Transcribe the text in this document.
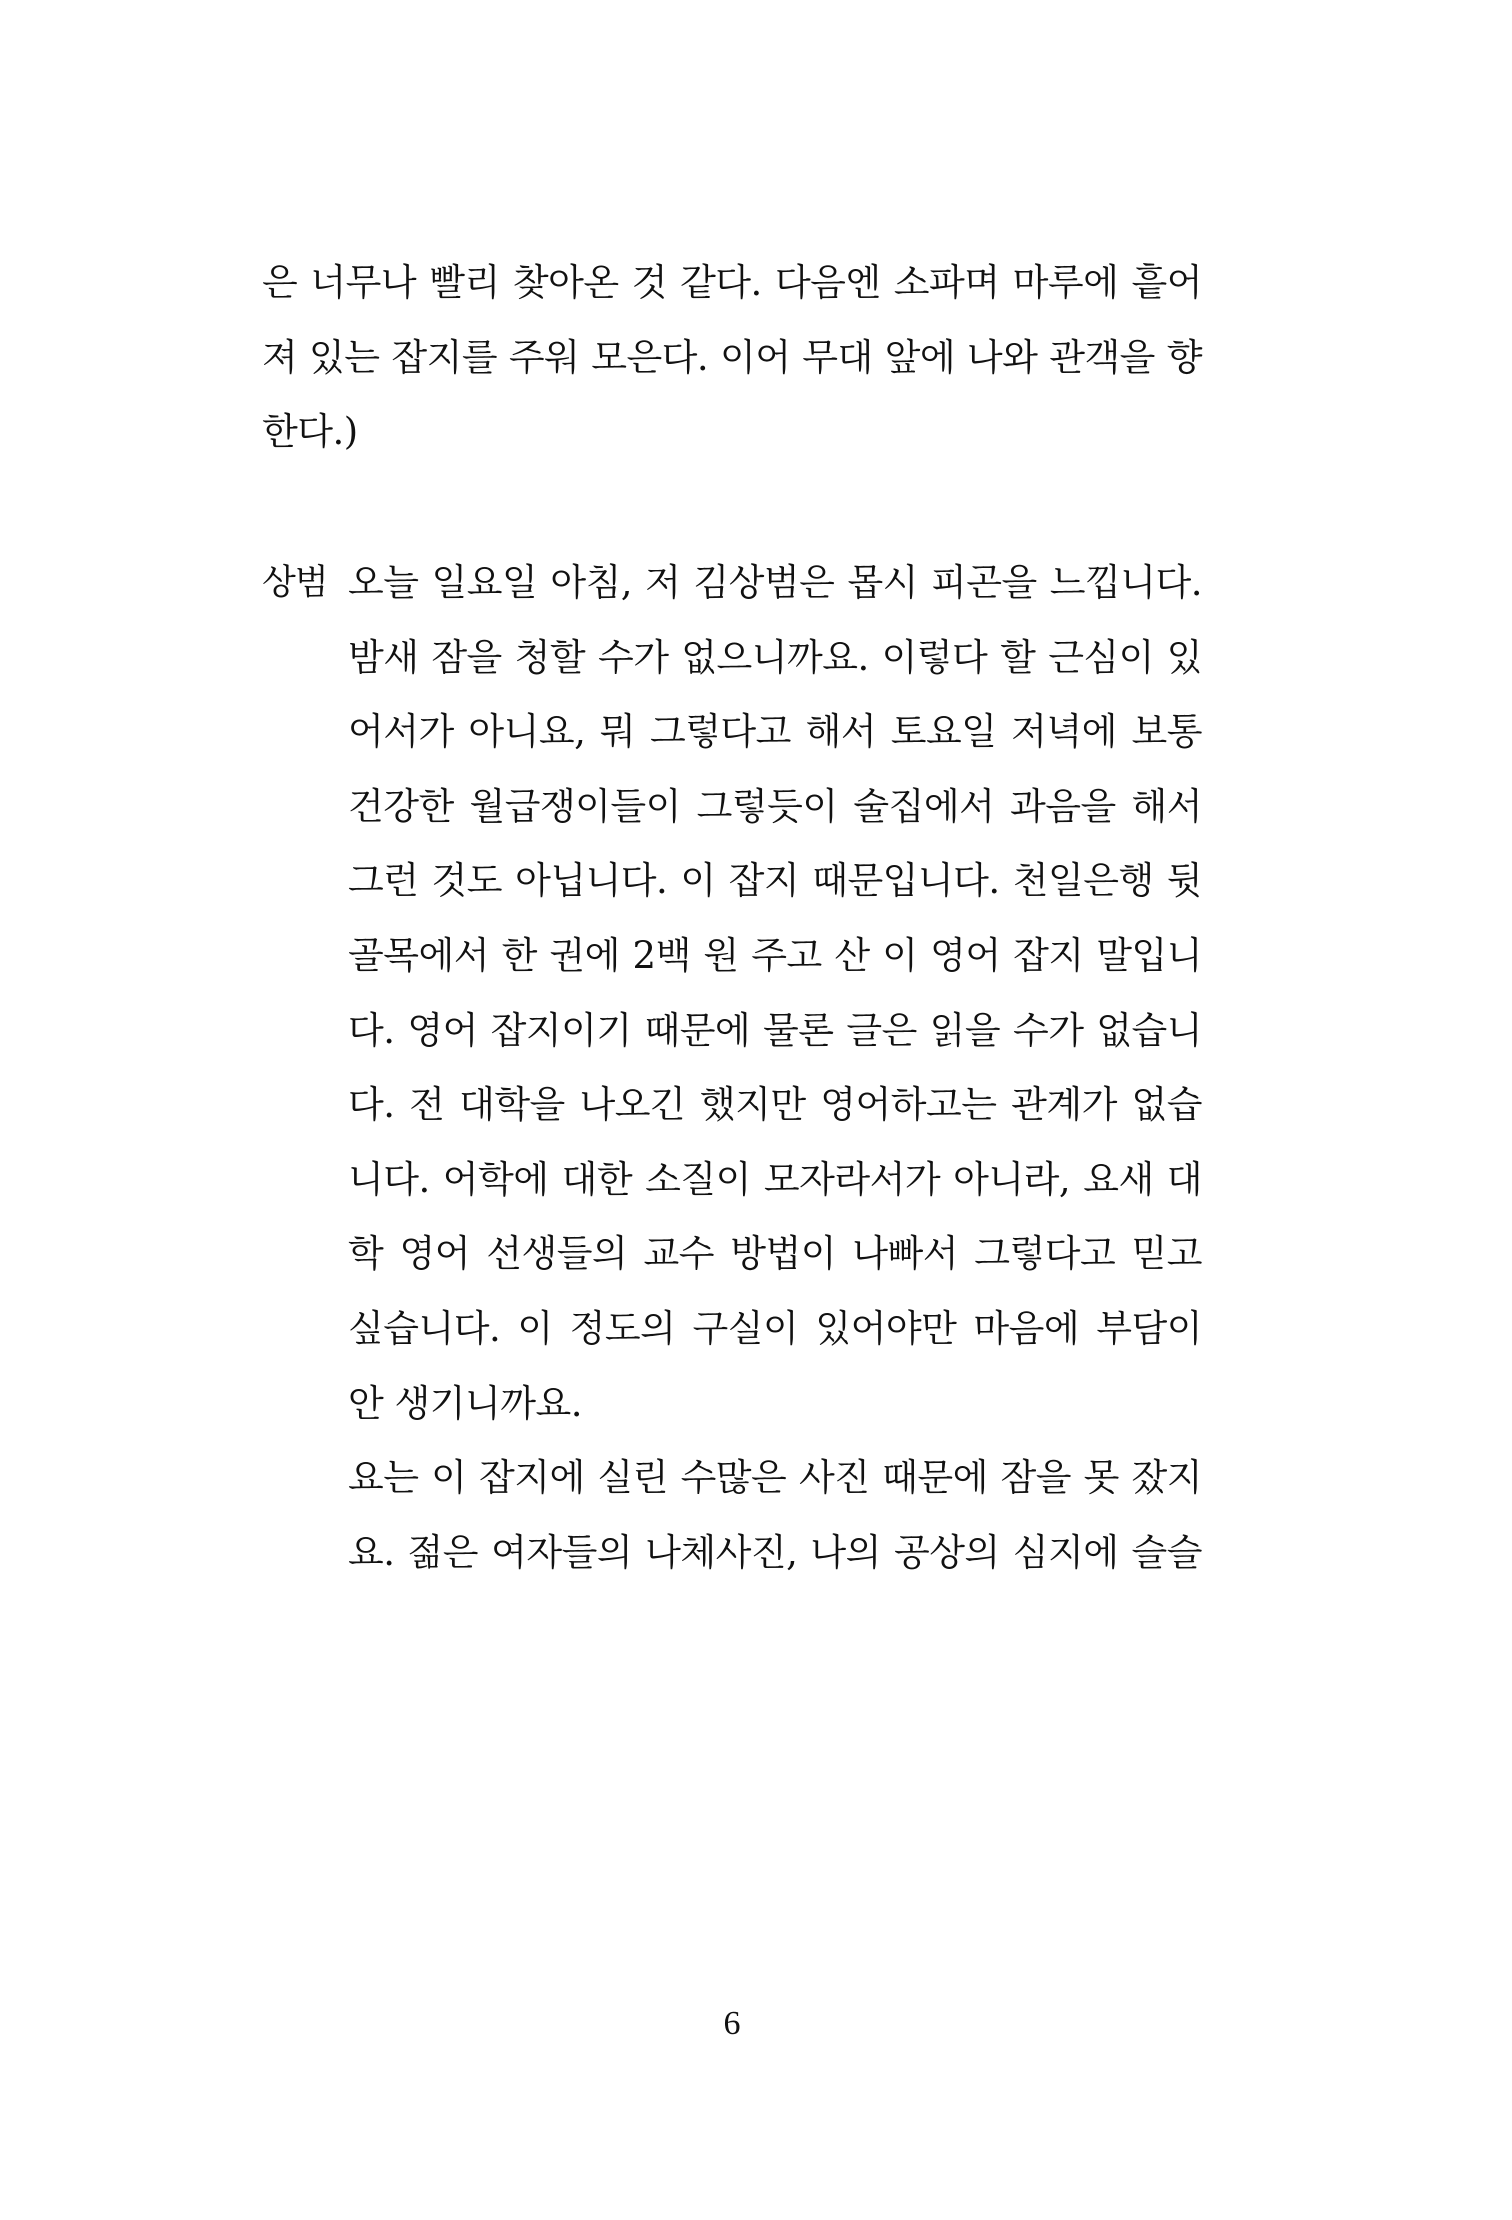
은 너무나 빨리 찾아온 것 같다. 다음엔 소파며 마루에 흩어
져 있는 잡지를 주워 모은다. 이어 무대 앞에 나와 관객을 향
한다.)
상범 오늘 일요일 아침, 저 김상범은 몹시 피곤을 느낍니다.
밤새 잠을 청할 수가 없으니까요. 이렇다 할 근심이 있
어서가 아니요, 뭐 그렇다고 해서 토요일 저녁에 보통
건강한 월급쟁이들이 그렇듯이 술집에서 과음을 해서
그런 것도 아닙니다. 이 잡지 때문입니다. 천일은행 뒷
골목에서 한 권에 2백 원 주고 산 이 영어 잡지 말입니
다. 영어 잡지이기 때문에 물론 글은 읽을 수가 없습니
다. 전 대학을 나오긴 했지만 영어하고는 관계가 없습
니다. 어학에 대한 소질이 모자라서가 아니라, 요새 대
학 영어 선생들의 교수 방법이 나빠서 그렇다고 믿고
싶습니다. 이 정도의 구실이 있어야만 마음에 부담이
안 생기니까요.
요는 이 잡지에 실린 수많은 사진 때문에 잠을 못 잤지
요. 젊은 여자들의 나체사진, 나의 공상의 심지에 슬슬
6
